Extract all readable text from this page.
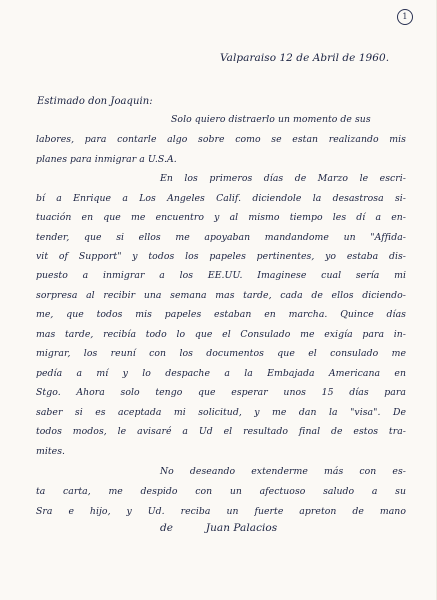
1
Valparaiso 12 de Abril de 1960.
Estimado don Joaquin:
Solo quiero distraerlo un momento de sus
labores, para contarle algo sobre como se estan realizando mis
planes para inmigrar a U.S.A.
En los primeros días de Marzo le escri-
bí a Enrique a Los Angeles Calif. diciendole la desastrosa si-
tuación en que me encuentro y al mismo tiempo les dí a en-
tender, que si ellos me apoyaban mandandome un "Affida-
vit of Support" y todos los papeles pertinentes, yo estaba dis-
puesto a inmigrar a los EE.UU. Imaginese cual sería mi
sorpresa al recibir una semana mas tarde, cada de ellos diciendo-
me, que todos mis papeles estaban en marcha. Quince días
mas tarde, recibía todo lo que el Consulado me exigía para in-
migrar, los reuní con los documentos que el consulado me
pedía a mí y lo despache a la Embajada Americana en
Stgo. Ahora solo tengo que esperar unos 15 días para
saber si es aceptada mi solicitud, y me dan la "visa". De
todos modos, le avisaré a Ud el resultado final de estos tra-
mites.
No deseando extenderme más con es-
ta carta, me despido con un afectuoso saludo a su
Sra e hijo, y Ud. reciba un fuerte apreton de mano
de	Juan Palacios
